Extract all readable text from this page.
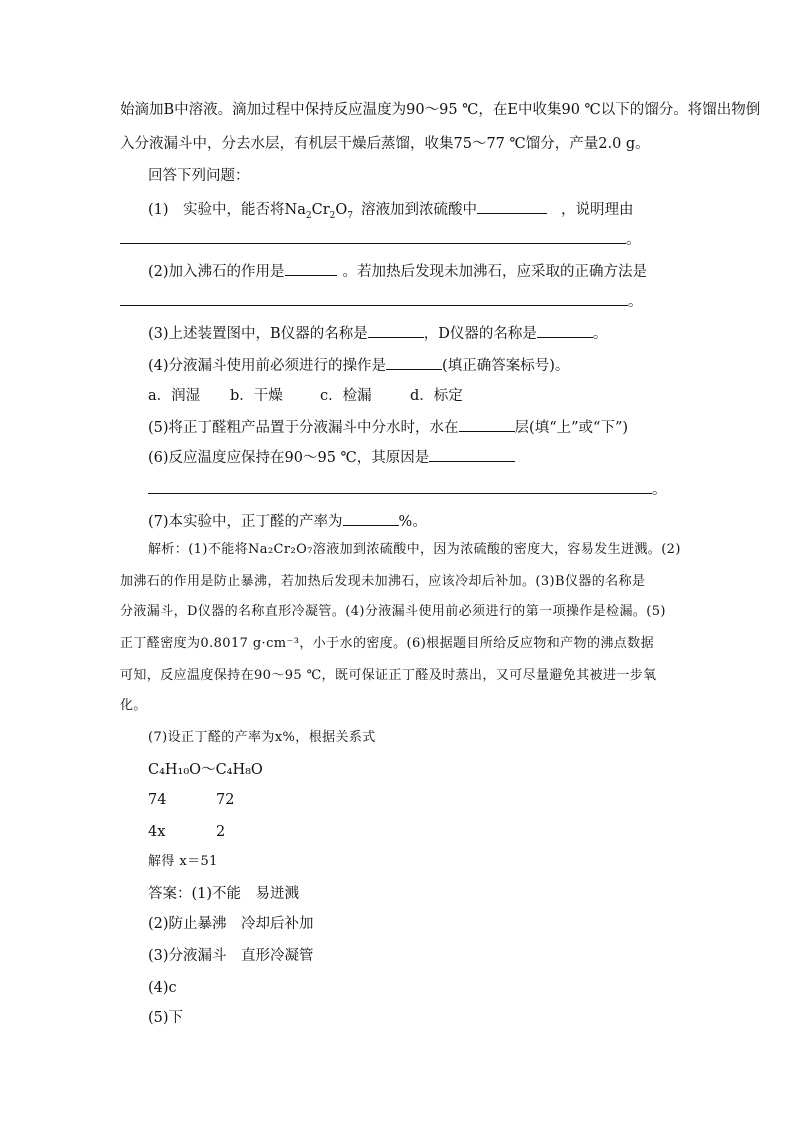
始滴加B中溶液。滴加过程中保持反应温度为90～95 ℃，在E中收集90 ℃以下的馏分。将馏出物倒
入分液漏斗中，分去水层，有机层干燥后蒸馏，收集75～77 ℃馏分，产量2.0 g。
回答下列问题：
(1)　实验中，能否将$Na_2Cr_2O_7$ 溶液加到浓硫酸中	，说明理由
。
(2)加入沸石的作用是	。若加热后发现未加沸石，应采取的正确方法是
。
(3)上述装置图中，B仪器的名称是	，D仪器的名称是	。
(4)分液漏斗使用前必须进行的操作是	(填正确答案标号)。
a．润湿 b．干燥	c．检漏	d．标定
(5)将正丁醛粗产品置于分液漏斗中分水时，水在	层(填“上”或“下”)
(6)反应温度应保持在90～95 ℃，其原因是
。
(7)本实验中，正丁醛的产率为	%。
解析：(1)不能将Na₂Cr₂O₇溶液加到浓硫酸中，因为浓硫酸的密度大，容易发生迸溅。(2)
加沸石的作用是防止暴沸，若加热后发现未加沸石，应该冷却后补加。(3)B仪器的名称是
分液漏斗，D仪器的名称直形冷凝管。(4)分液漏斗使用前必须进行的第一项操作是检漏。(5)
正丁醛密度为0.8017 g·cm⁻³，小于水的密度。(6)根据题目所给反应物和产物的沸点数据
可知，反应温度保持在90～95 ℃，既可保证正丁醛及时蒸出，又可尽量避免其被进一步氧
化。
(7)设正丁醛的产率为x%，根据关系式
C₄H₁₀O～C₄H₈O
74	72
4x	2
解得 x＝51
答案：(1)不能　易迸溅
(2)防止暴沸　冷却后补加
(3)分液漏斗　直形冷凝管
(4)c
(5)下
